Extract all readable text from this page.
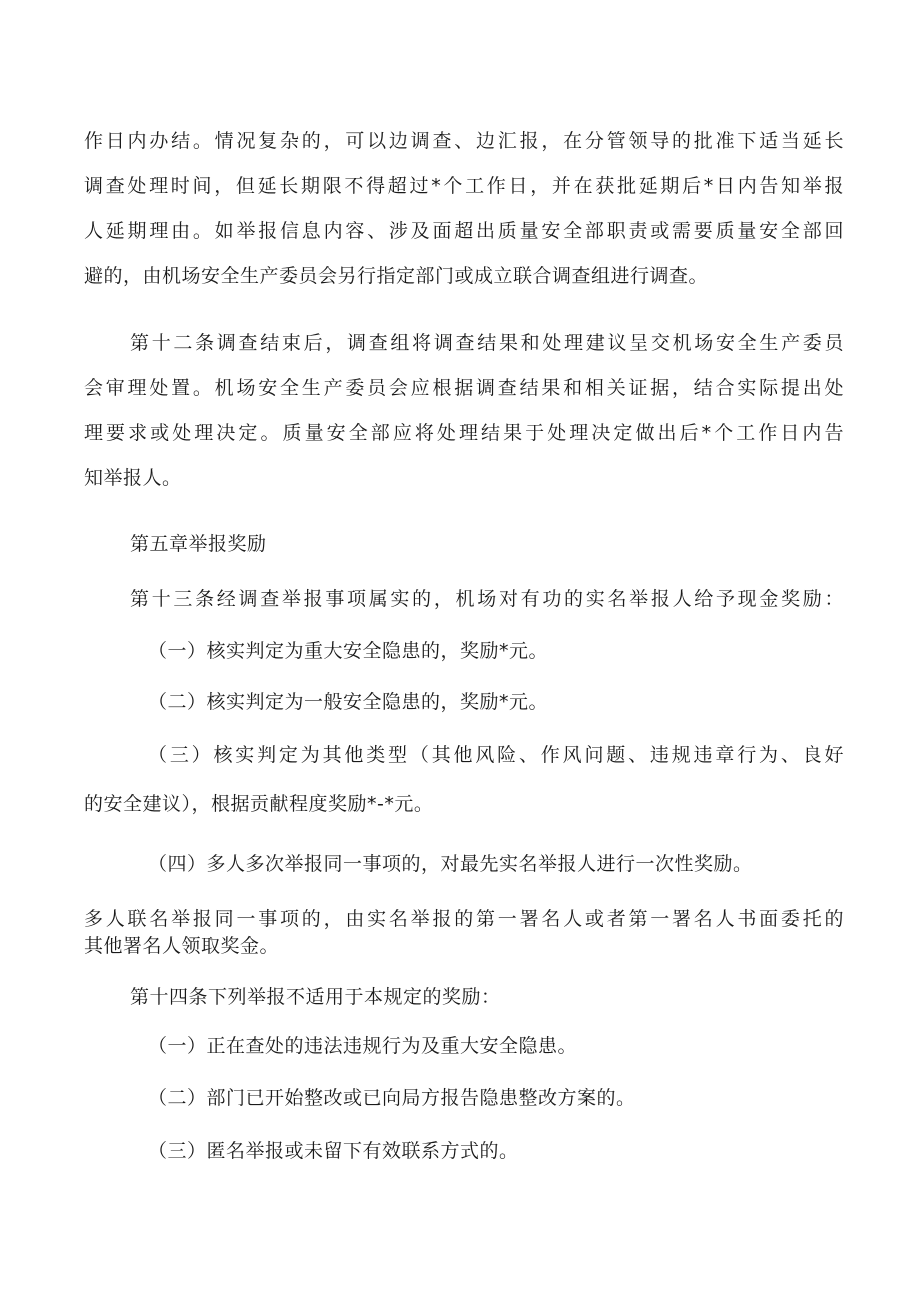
作日内办结。情况复杂的，可以边调查、边汇报，在分管领导的批准下适当延长
调查处理时间，但延长期限不得超过*个工作日，并在获批延期后*日内告知举报
人延期理由。如举报信息内容、涉及面超出质量安全部职责或需要质量安全部回
避的，由机场安全生产委员会另行指定部门或成立联合调查组进行调查。
第十二条调查结束后，调查组将调查结果和处理建议呈交机场安全生产委员
会审理处置。机场安全生产委员会应根据调查结果和相关证据，结合实际提出处
理要求或处理决定。质量安全部应将处理结果于处理决定做出后*个工作日内告
知举报人。
第五章举报奖励
第十三条经调查举报事项属实的，机场对有功的实名举报人给予现金奖励：
（一）核实判定为重大安全隐患的，奖励*元。
（二）核实判定为一般安全隐患的，奖励*元。
（三）核实判定为其他类型（其他风险、作风问题、违规违章行为、良好
的安全建议），根据贡献程度奖励*-*元。
（四）多人多次举报同一事项的，对最先实名举报人进行一次性奖励。
多人联名举报同一事项的，由实名举报的第一署名人或者第一署名人书面委托的
其他署名人领取奖金。
第十四条下列举报不适用于本规定的奖励：
（一）正在查处的违法违规行为及重大安全隐患。
（二）部门已开始整改或已向局方报告隐患整改方案的。
（三）匿名举报或未留下有效联系方式的。
